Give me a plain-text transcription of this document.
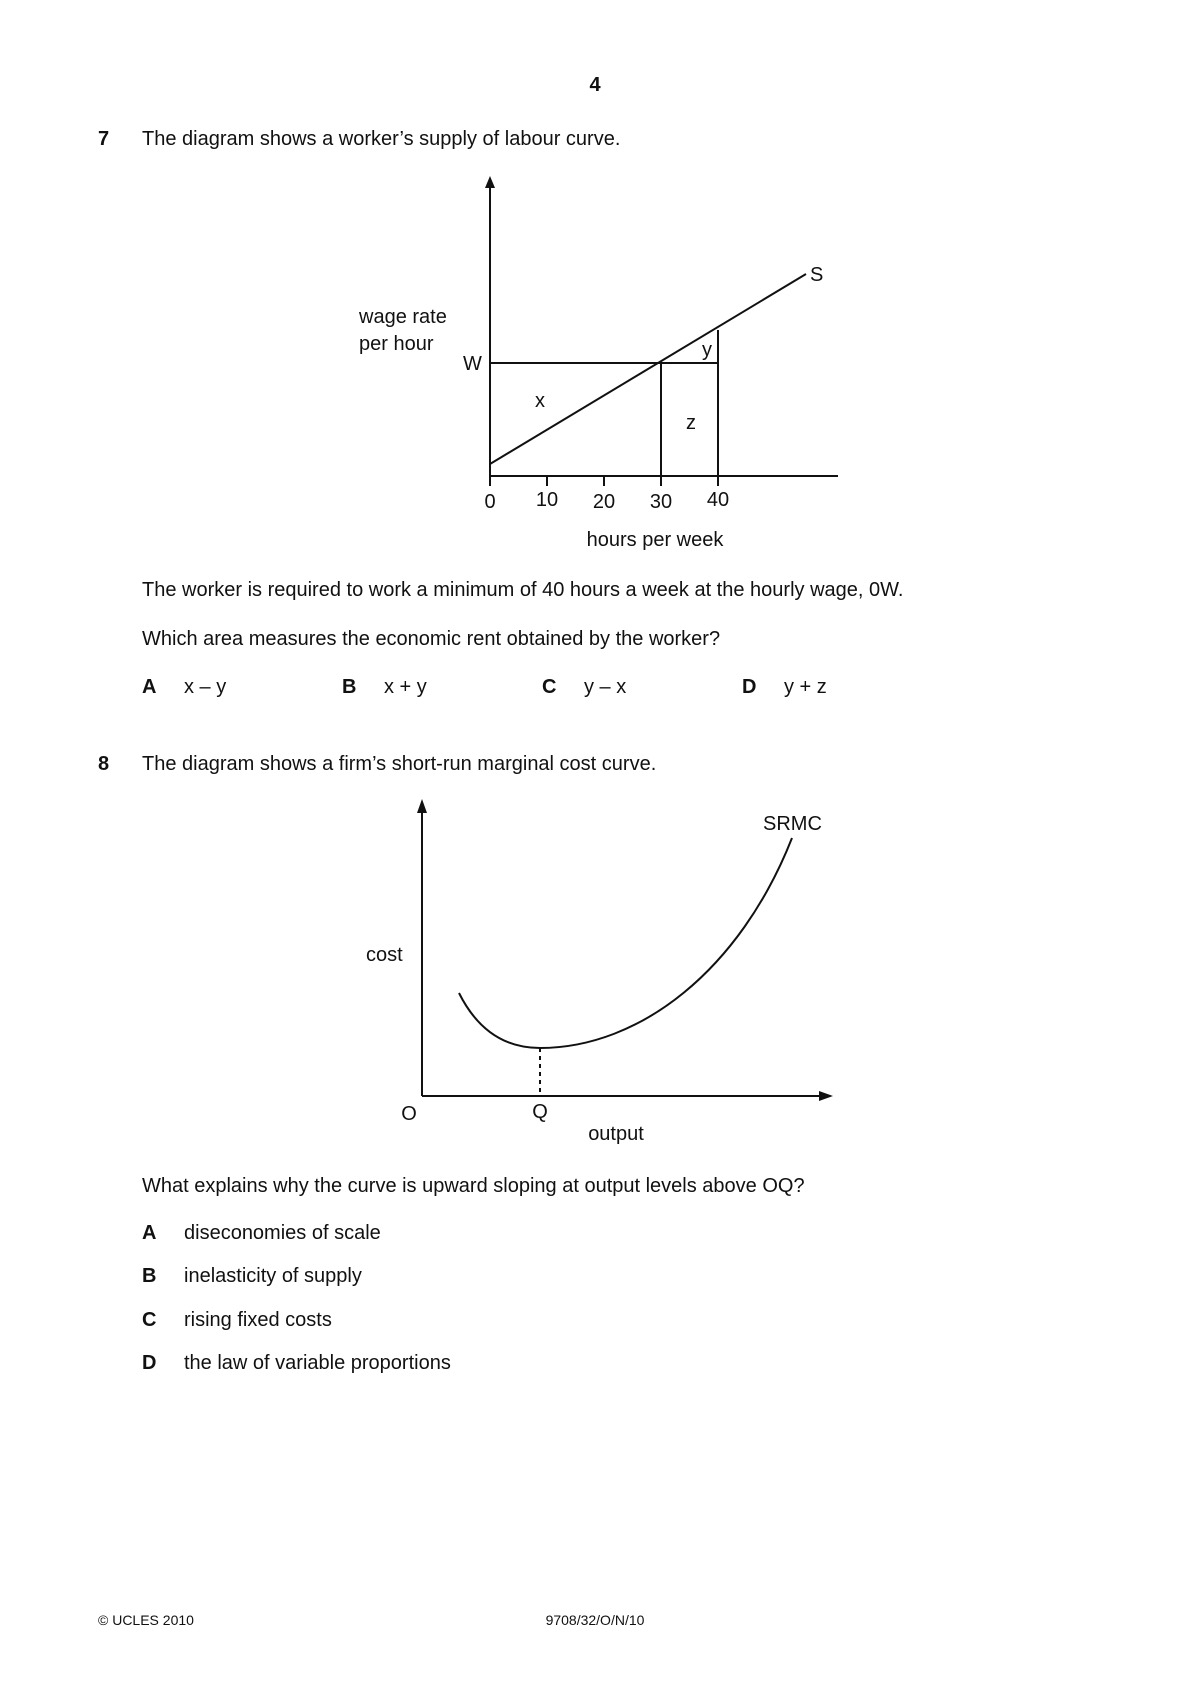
4
7 The diagram shows a worker’s supply of labour curve.
wage rate
per hour
W
S
x
y
z
0 10 20 30 40
hours per week
The worker is required to work a minimum of 40 hours a week at the hourly wage, 0W.
Which area measures the economic rent obtained by the worker?
A x – y	B x + y	C y – x	D y + z
8 The diagram shows a firm’s short-run marginal cost curve.
cost
SRMC
O	Q
output
What explains why the curve is upward sloping at output levels above OQ?
A diseconomies of scale
B inelasticity of supply
C rising fixed costs
D the law of variable proportions
© UCLES 2010	9708/32/O/N/10
